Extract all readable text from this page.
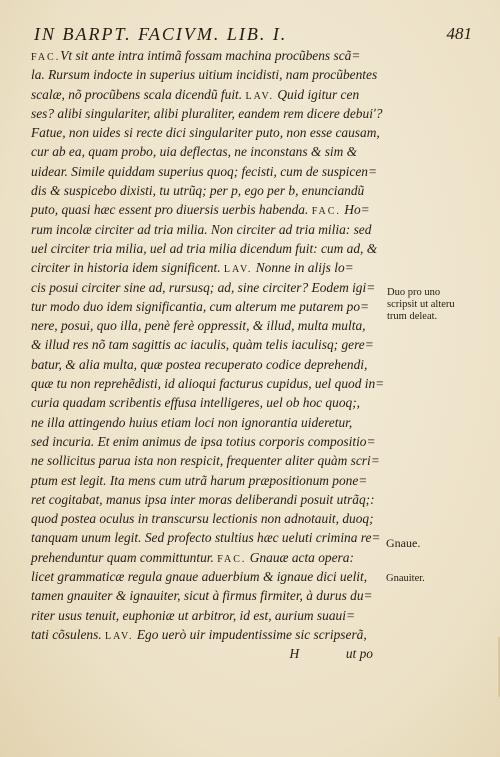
IN BARPT. FACIVM. LIB. I.	481
FAC.Vt sit ante intra intimã fossam machina procũbens scã=
la. Rursum indocte in superius uitium incidisti, nam procũbentes
scalæ, nõ procũbens scala dicendũ fuit. LAV. Quid igitur cen
ses? alibi singulariter, alibi pluraliter, eandem rem dicere debuiʹ?
Fatue, non uides si recte dici singulariter puto, non esse causam,
cur ab ea, quam probo, uia deflectas, ne inconstans & sim &
uidear. Simile quiddam superius quoq; fecisti, cum de suspicen=
dis & suspicebo dixisti, tu utrũq; per p, ego per b, enunciandũ
puto, quasi hæc essent pro diuersis uerbis habenda. FAC. Ho=
rum incolæ circiter ad tria milia. Non circiter ad tria milia: sed
uel circiter tria milia, uel ad tria milia dicendum fuit: cum ad, &
circiter in historia idem significent. LAV. Nonne in alijs lo=
cis posui circiter sine ad, rursusq; ad, sine circiter? Eodem igi=
tur modo duo idem significantia, cum alterum me putarem po=
nere, posui, quo illa, penè ferè oppressit, & illud, multa multa,
& illud res nõ tam sagittis ac iaculis, quàm telis iaculisq; gere=
batur, & alia multa, quæ postea recuperato codice deprehendi,
quæ tu non reprehẽdisti, id alioqui facturus cupidus, uel quod in=
curia quadam scribentis effusa intelligeres, uel ob hoc quoq;,
ne illa attingendo huius etiam loci non ignorantia uideretur,
sed incuria. Et enim animus de ipsa totius corporis compositio=
ne sollicitus parua ista non respicit, frequenter aliter quàm scri=
ptum est legit. Ita mens cum utrã harum præpositionum pone=
ret cogitabat, manus ipsa inter moras deliberandi posuit utrãq;:
quod postea oculus in transcursu lectionis non adnotauit, duoq;
tanquam unum legit. Sed profecto stultius hæc ueluti crimina re=
prehenduntur quam committuntur. FAC. Gnauæ acta opera:
licet grammaticæ regula gnaue aduerbium & ignaue dici uelit,
tamen gnauiter & ignauiter, sicut à firmus firmiter, à durus du=
riter usus tenuit, euphoniæ ut arbitror, id est, aurium suaui=
tati cõsulens. LAV. Ego uerò uir impudentissime sic scripserã,
H	ut po
Duo pro uno
scripsit ut alteru
trum deleat.
Gnaue.
Gnauiter.
